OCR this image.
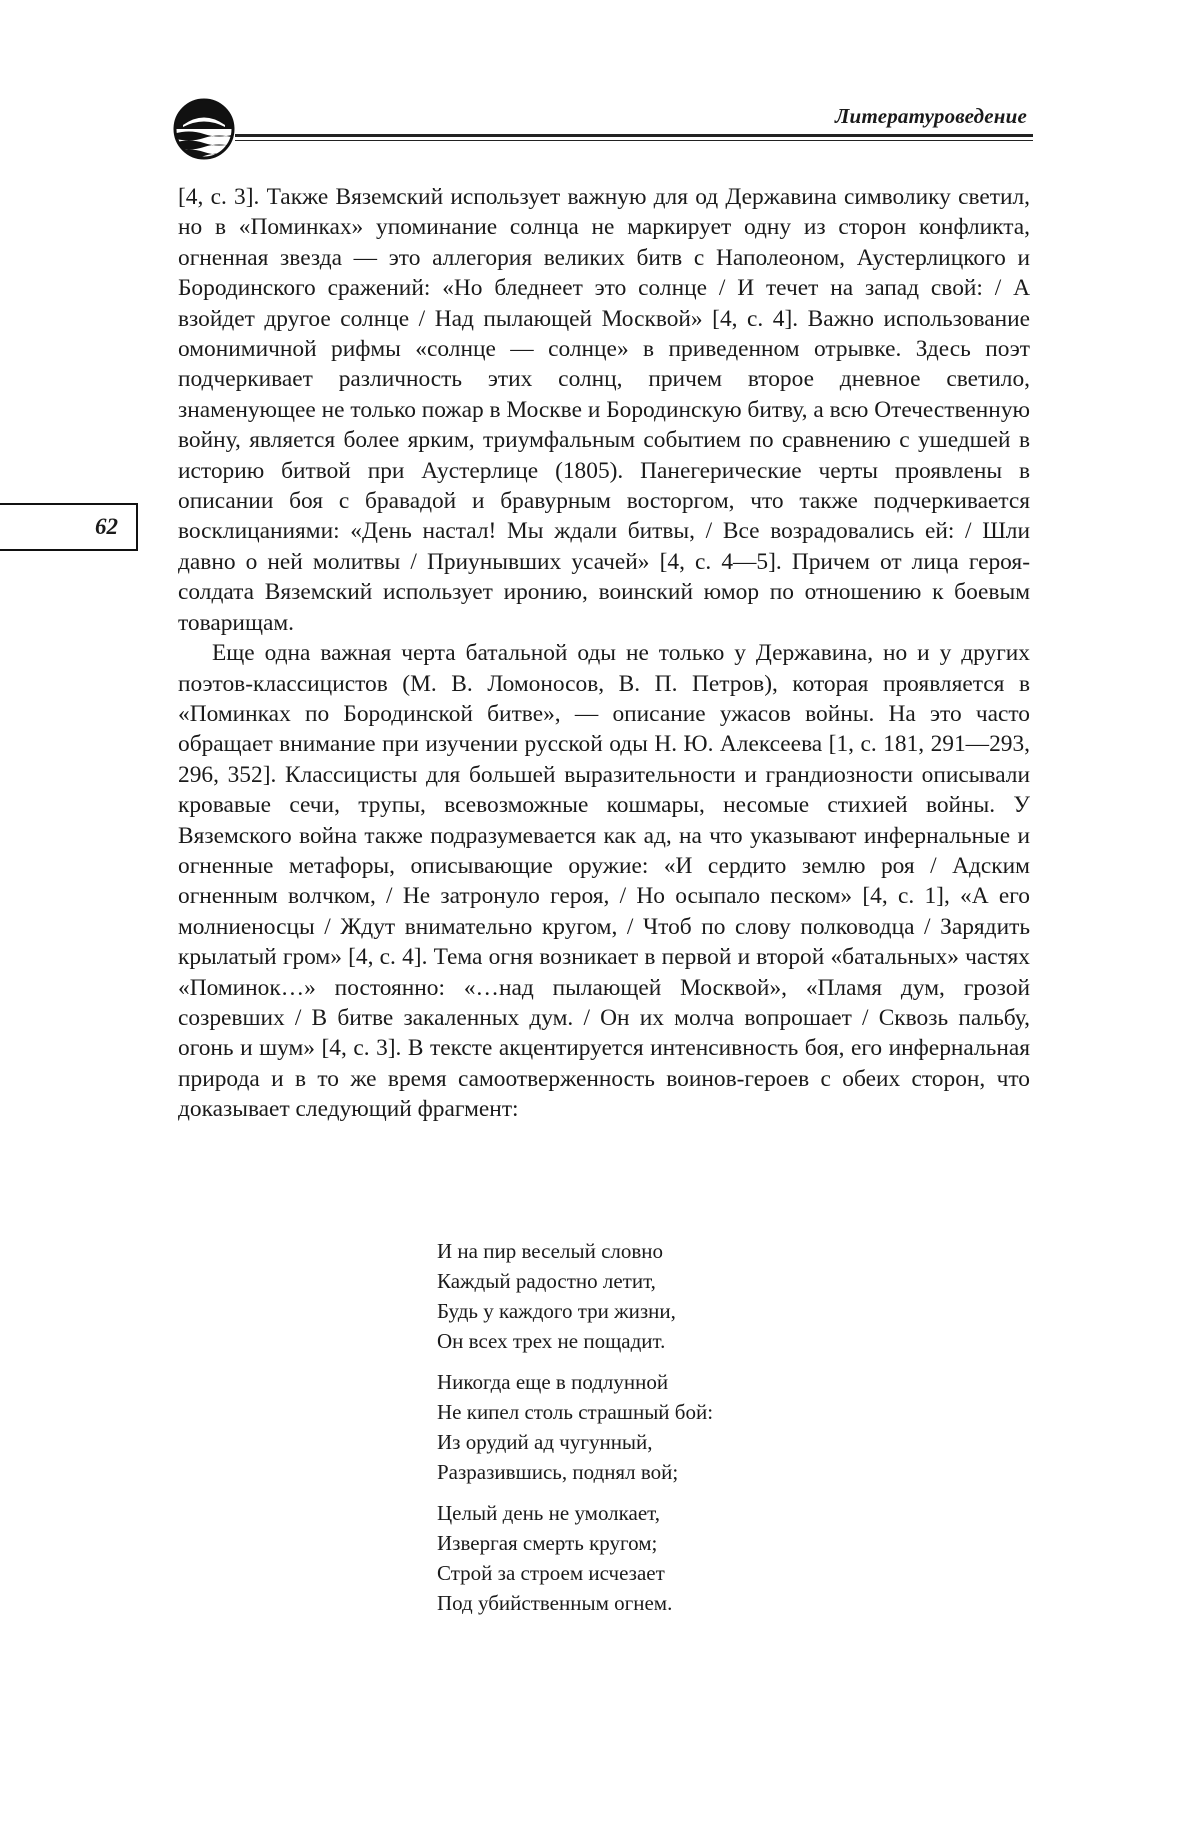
Литературоведение
62

[4, с. 3]. Также Вяземский использует важную для од Державина символику светил, но в «Поминках» упоминание солнца не маркирует одну из сторон конфликта, огненная звезда — это аллегория великих битв с Наполеоном, Аустерлицкого и Бородинского сражений: «Но бледнеет это солнце / И течет на запад свой: / А взойдет другое солнце / Над пылающей Москвой» [4, с. 4]. Важно использование омонимичной рифмы «солнце — солнце» в приведенном отрывке. Здесь поэт подчеркивает различность этих солнц, причем второе дневное светило, знаменующее не только пожар в Москве и Бородинскую битву, а всю Отечественную войну, является более ярким, триумфальным событием по сравнению с ушедшей в историю битвой при Аустерлице (1805). Панегерические черты проявлены в описании боя с бравадой и бравурным восторгом, что также подчеркивается восклицаниями: «День настал! Мы ждали битвы, / Все возрадовались ей: / Шли давно о ней молитвы / Приунывших усачей» [4, с. 4—5]. Причем от лица героя-солдата Вяземский использует иронию, воинский юмор по отношению к боевым товарищам.

Еще одна важная черта батальной оды не только у Державина, но и у других поэтов-классицистов (М. В. Ломоносов, В. П. Петров), которая проявляется в «Поминках по Бородинской битве», — описание ужасов войны. На это часто обращает внимание при изучении русской оды Н. Ю. Алексеева [1, с. 181, 291—293, 296, 352]. Классицисты для большей выразительности и грандиозности описывали кровавые сечи, трупы, всевозможные кошмары, несомые стихией войны. У Вяземского война также подразумевается как ад, на что указывают инфернальные и огненные метафоры, описывающие оружие: «И сердито землю роя / Адским огненным волчком, / Не затронуло героя, / Но осыпало песком» [4, с. 1], «А его молниеносцы / Ждут внимательно кругом, / Чтоб по слову полководца / Зарядить крылатый гром» [4, с. 4]. Тема огня возникает в первой и второй «батальных» частях «Поминок…» постоянно: «…над пылающей Москвой», «Пламя дум, грозой созревших / В битве закаленных дум. / Он их молча вопрошает / Сквозь пальбу, огонь и шум» [4, с. 3]. В тексте акцентируется интенсивность боя, его инфернальная природа и в то же время самоотверженность воинов-героев с обеих сторон, что доказывает следующий фрагмент:

И на пир веселый словно
Каждый радостно летит,
Будь у каждого три жизни,
Он всех трех не пощадит.
Никогда еще в подлунной
Не кипел столь страшный бой:
Из орудий ад чугунный,
Разразившись, поднял вой;
Целый день не умолкает,
Извергая смерть кругом;
Строй за строем исчезает
Под убийственным огнем.
